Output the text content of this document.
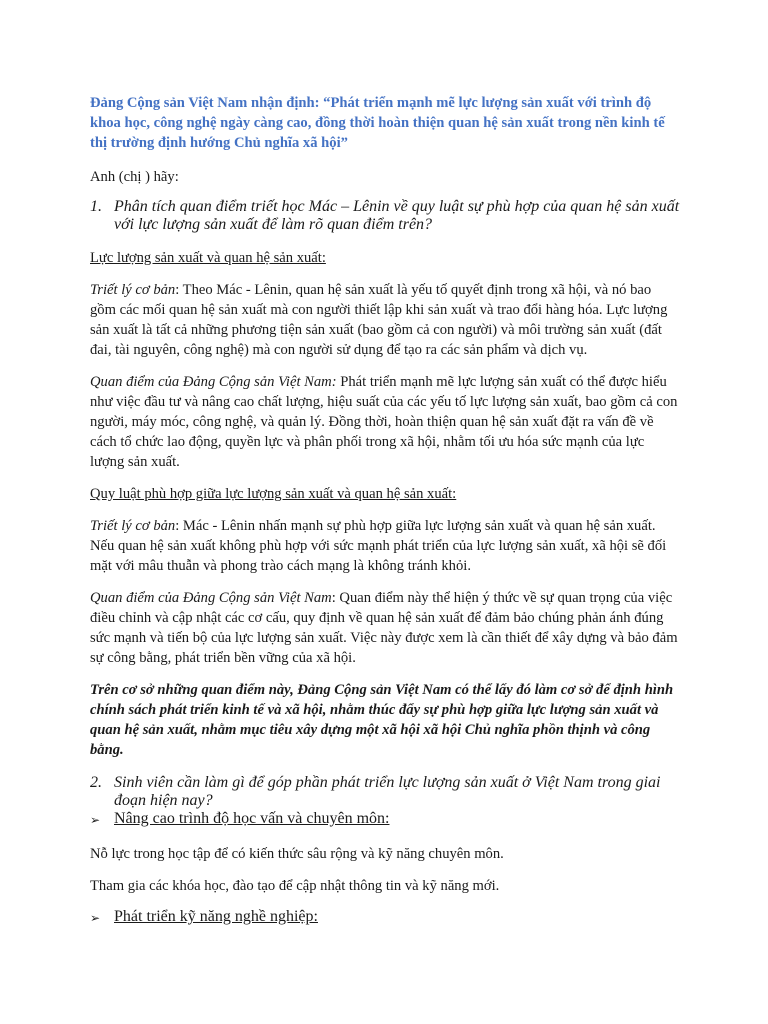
Đảng Cộng sản Việt Nam nhận định: “Phát triển mạnh mẽ lực lượng sản xuất với trình độ khoa học, công nghệ ngày càng cao, đồng thời hoàn thiện quan hệ sản xuất trong nền kinh tế thị trường định hướng Chủ nghĩa xã hội”

Anh (chị ) hãy:

1. Phân tích quan điểm triết học Mác – Lênin về quy luật sự phù hợp của quan hệ sản xuất với lực lượng sản xuất để làm rõ quan điểm trên?

Lực lượng sản xuất và quan hệ sản xuất:

Triết lý cơ bản: Theo Mác - Lênin, quan hệ sản xuất là yếu tố quyết định trong xã hội, và nó bao gồm các mối quan hệ sản xuất mà con người thiết lập khi sản xuất và trao đổi hàng hóa. Lực lượng sản xuất là tất cả những phương tiện sản xuất (bao gồm cả con người) và môi trường sản xuất (đất đai, tài nguyên, công nghệ) mà con người sử dụng để tạo ra các sản phẩm và dịch vụ.

Quan điểm của Đảng Cộng sản Việt Nam: Phát triển mạnh mẽ lực lượng sản xuất có thể được hiểu như việc đầu tư và nâng cao chất lượng, hiệu suất của các yếu tố lực lượng sản xuất, bao gồm cả con người, máy móc, công nghệ, và quản lý. Đồng thời, hoàn thiện quan hệ sản xuất đặt ra vấn đề về cách tổ chức lao động, quyền lực và phân phối trong xã hội, nhằm tối ưu hóa sức mạnh của lực lượng sản xuất.

Quy luật phù hợp giữa lực lượng sản xuất và quan hệ sản xuất:

Triết lý cơ bản: Mác - Lênin nhấn mạnh sự phù hợp giữa lực lượng sản xuất và quan hệ sản xuất. Nếu quan hệ sản xuất không phù hợp với sức mạnh phát triển của lực lượng sản xuất, xã hội sẽ đối mặt với mâu thuẫn và phong trào cách mạng là không tránh khỏi.

Quan điểm của Đảng Cộng sản Việt Nam: Quan điểm này thể hiện ý thức về sự quan trọng của việc điều chỉnh và cập nhật các cơ cấu, quy định về quan hệ sản xuất để đảm bảo chúng phản ánh đúng sức mạnh và tiến bộ của lực lượng sản xuất. Việc này được xem là cần thiết để xây dựng và bảo đảm sự công bằng, phát triển bền vững của xã hội.

Trên cơ sở những quan điểm này, Đảng Cộng sản Việt Nam có thể lấy đó làm cơ sở để định hình chính sách phát triển kinh tế và xã hội, nhằm thúc đẩy sự phù hợp giữa lực lượng sản xuất và quan hệ sản xuất, nhằm mục tiêu xây dựng một xã hội xã hội Chủ nghĩa phồn thịnh và công bằng.

2. Sinh viên cần làm gì để góp phần phát triển lực lượng sản xuất ở Việt Nam trong giai đoạn hiện nay?
➢ Nâng cao trình độ học vấn và chuyên môn:

Nỗ lực trong học tập để có kiến thức sâu rộng và kỹ năng chuyên môn.

Tham gia các khóa học, đào tạo để cập nhật thông tin và kỹ năng mới.

➢ Phát triển kỹ năng nghề nghiệp:
